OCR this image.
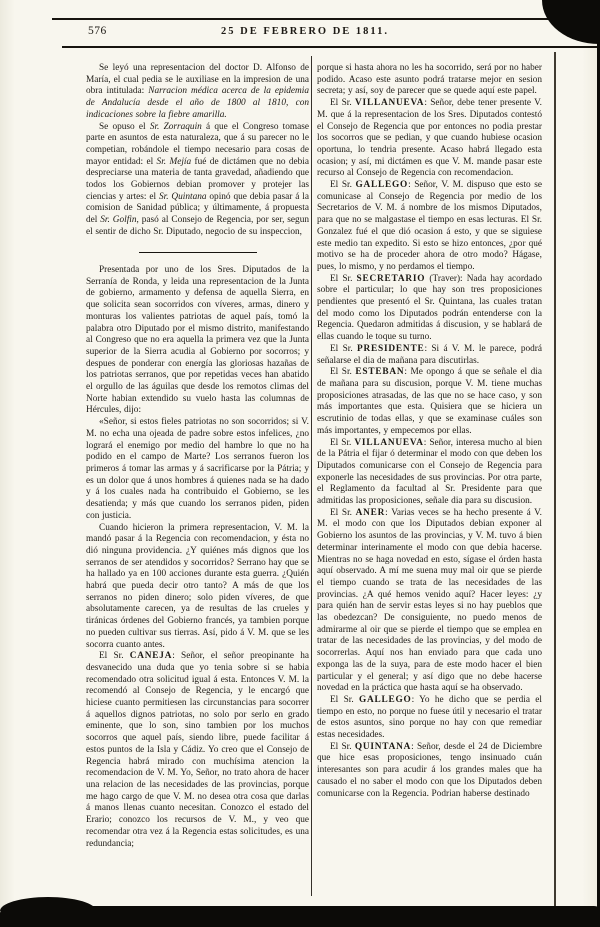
576	25 DE FEBRERO DE 1811.

Se leyó una representacion del doctor D. Alfonso de María, el cual pedia se le auxiliase en la impresion de una obra intitulada: Narracion médica acerca de la epidemia de Andalucía desde el año de 1800 al 1810, con indicaciones sobre la fiebre amarilla.

Se opuso el Sr. Zorraquin á que el Congreso tomase parte en asuntos de esta naturaleza, que á su parecer no le competian, robándole el tiempo necesario para cosas de mayor entidad: el Sr. Mejía fué de dictámen que no debia despreciarse una materia de tanta gravedad, añadiendo que todos los Gobiernos debian promover y protejer las ciencias y artes: el Sr. Quintana opinó que debia pasar á la comision de Sanidad pública; y últimamente, á propuesta del Sr. Golfin, pasó al Consejo de Regencia, por ser, segun el sentir de dicho Sr. Diputado, negocio de su inspeccion,

Presentada por uno de los Sres. Diputados de la Serranía de Ronda, y leida una representacion de la Junta de gobierno, armamento y defensa de aquella Sierra, en que solicita sean socorridos con víveres, armas, dinero y monturas los valientes patriotas de aquel país, tomó la palabra otro Diputado por el mismo distrito, manifestando al Congreso que no era aquella la primera vez que la Junta superior de la Sierra acudia al Gobierno por socorros; y despues de ponderar con energía las gloriosas hazañas de los patriotas serranos, que por repetidas veces han abatido el orgullo de las águilas que desde los remotos climas del Norte habian extendido su vuelo hasta las columnas de Hércules, dijo:

«Señor, si estos fieles patriotas no son socorridos; si V. M. no echa una ojeada de padre sobre estos infelices, ¿no logrará el enemigo por medio del hambre lo que no ha podido en el campo de Marte? Los serranos fueron los primeros á tomar las armas y á sacrificarse por la Pátria; y es un dolor que á unos hombres á quienes nada se ha dado y á los cuales nada ha contribuido el Gobierno, se les desatienda; y más que cuando los serranos piden, piden con justicia.

Cuando hicieron la primera representacion, V. M. la mandó pasar á la Regencia con recomendacion, y ésta no dió ninguna providencia. ¿Y quiénes más dignos que los serranos de ser atendidos y socorridos? Serrano hay que se ha hallado ya en 100 acciones durante esta guerra. ¿Quién habrá que pueda decir otro tanto? A más de que los serranos no piden dinero; solo piden víveres, de que absolutamente carecen, ya de resultas de las crueles y tiránicas órdenes del Gobierno francés, ya tambien porque no pueden cultivar sus tierras. Así, pido á V. M. que se les socorra cuanto antes.

El Sr. CANEJA: Señor, el señor preopinante ha desvanecido una duda que yo tenia sobre si se habia recomendado otra solicitud igual á esta. Entonces V. M. la recomendó al Consejo de Regencia, y le encargó que hiciese cuanto permitiesen las circunstancias para socorrer á aquellos dignos patriotas, no solo por serlo en grado eminente, que lo son, sino tambien por los muchos socorros que aquel país, siendo libre, puede facilitar á estos puntos de la Isla y Cádiz. Yo creo que el Consejo de Regencia habrá mirado con muchísima atencion la recomendacion de V. M. Yo, Señor, no trato ahora de hacer una relacion de las necesidades de las provincias, porque me hago cargo de que V. M. no desea otra cosa que darlas á manos llenas cuanto necesitan. Conozco el estado del Erario; conozco los recursos de V. M., y veo que recomendar otra vez á la Regencia estas solicitudes, es una redundancia;

porque si hasta ahora no les ha socorrido, será por no haber podido. Acaso este asunto podrá tratarse mejor en sesion secreta; y así, soy de parecer que se quede aquí este papel.

El Sr. VILLANUEVA: Señor, debe tener presente V. M. que á la representacion de los Sres. Diputados contestó el Consejo de Regencia que por entonces no podia prestar los socorros que se pedian, y que cuando hubiese ocasion oportuna, lo tendria presente. Acaso habrá llegado esta ocasion; y así, mi dictámen es que V. M. mande pasar este recurso al Consejo de Regencia con recomendacion.

El Sr. GALLEGO: Señor, V. M. dispuso que esto se comunicase al Consejo de Regencia por medio de los Secretarios de V. M. á nombre de los mismos Diputados, para que no se malgastase el tiempo en esas lecturas. El Sr. Gonzalez fué el que dió ocasion á esto, y que se siguiese este medio tan expedito. Si esto se hizo entonces, ¿por qué motivo se ha de proceder ahora de otro modo? Hágase, pues, lo mismo, y no perdamos el tiempo.

El Sr. SECRETARIO (Traver): Nada hay acordado sobre el particular; lo que hay son tres proposiciones pendientes que presentó el Sr. Quintana, las cuales tratan del modo como los Diputados podrán entenderse con la Regencia. Quedaron admitidas á discusion, y se hablará de ellas cuando le toque su turno.

El Sr. PRESIDENTE: Si á V. M. le parece, podrá señalarse el dia de mañana para discutirlas.

El Sr. ESTEBAN: Me opongo á que se señale el dia de mañana para su discusion, porque V. M. tiene muchas proposiciones atrasadas, de las que no se hace caso, y son más importantes que esta. Quisiera que se hiciera un escrutinio de todas ellas, y que se examinase cuáles son más importantes, y empecemos por ellas.

El Sr. VILLANUEVA: Señor, interesa mucho al bien de la Pátria el fijar ó determinar el modo con que deben los Diputados comunicarse con el Consejo de Regencia para exponerle las necesidades de sus provincias. Por otra parte, el Reglamento da facultad al Sr. Presidente para que admitidas las proposiciones, señale dia para su discusion.

El Sr. ANER: Varias veces se ha hecho presente á V. M. el modo con que los Diputados debian exponer al Gobierno los asuntos de las provincias, y V. M. tuvo á bien determinar interinamente el modo con que debia hacerse. Mientras no se haga novedad en esto, sígase el órden hasta aquí observado. A mí me suena muy mal oir que se pierde el tiempo cuando se trata de las necesidades de las provincias. ¿A qué hemos venido aquí? Hacer leyes: ¿y para quién han de servir estas leyes si no hay pueblos que las obedezcan? De consiguiente, no puedo menos de admirarme al oir que se pierde el tiempo que se emplea en tratar de las necesidades de las provincias, y del modo de socorrerlas. Aquí nos han enviado para que cada uno exponga las de la suya, para de este modo hacer el bien particular y el general; y así digo que no debe hacerse novedad en la práctica que hasta aquí se ha observado.

El Sr. GALLEGO: Yo he dicho que se perdia el tiempo en esto, no porque no fuese útil y necesario el tratar de estos asuntos, sino porque no hay con que remediar estas necesidades.

El Sr. QUINTANA: Señor, desde el 24 de Diciembre que hice esas proposiciones, tengo insinuado cuán interesantes son para acudir á los grandes males que ha causado el no saber el modo con que los Diputados deben comunicarse con la Regencia. Podrian haberse destinado
